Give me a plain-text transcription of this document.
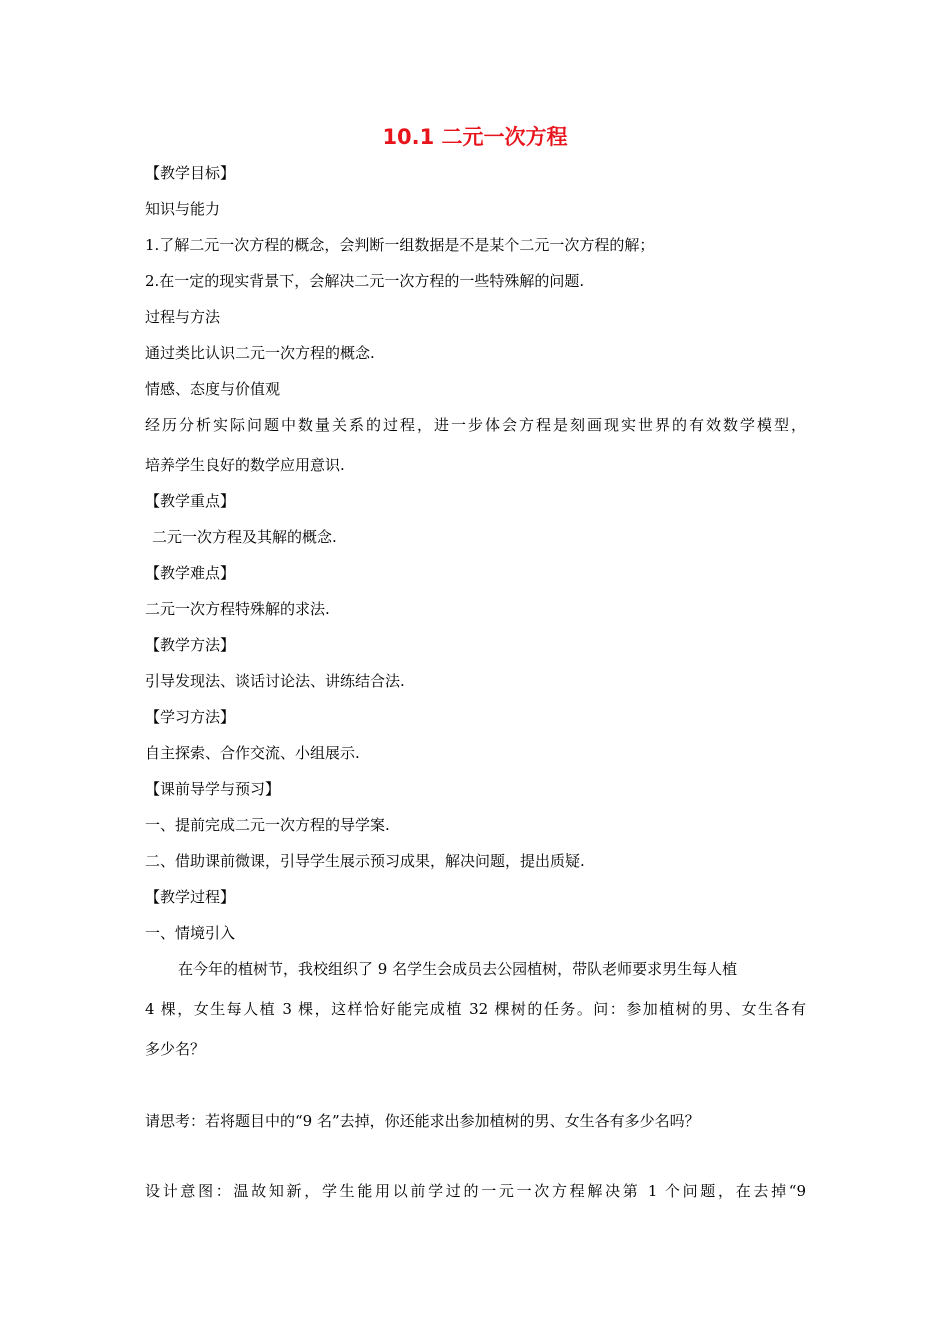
10.1 二元一次方程
【教学目标】
知识与能力
1.了解二元一次方程的概念，会判断一组数据是不是某个二元一次方程的解；
2.在一定的现实背景下，会解决二元一次方程的一些特殊解的问题.
过程与方法
通过类比认识二元一次方程的概念.
情感、态度与价值观
经历分析实际问题中数量关系的过程，进一步体会方程是刻画现实世界的有效数学模型，
培养学生良好的数学应用意识.
【教学重点】
二元一次方程及其解的概念.
【教学难点】
二元一次方程特殊解的求法.
【教学方法】
引导发现法、谈话讨论法、讲练结合法.
【学习方法】
自主探索、合作交流、小组展示.
【课前导学与预习】
一、提前完成二元一次方程的导学案.
二、借助课前微课，引导学生展示预习成果，解决问题，提出质疑.
【教学过程】
一、情境引入
在今年的植树节，我校组织了 9 名学生会成员去公园植树，带队老师要求男生每人植
4 棵，女生每人植 3 棵，这样恰好能完成植 32 棵树的任务。问：参加植树的男、女生各有
多少名？
请思考：若将题目中的“9 名”去掉，你还能求出参加植树的男、女生各有多少名吗？
设计意图：温故知新，学生能用以前学过的一元一次方程解决第 1 个问题，在去掉“9
